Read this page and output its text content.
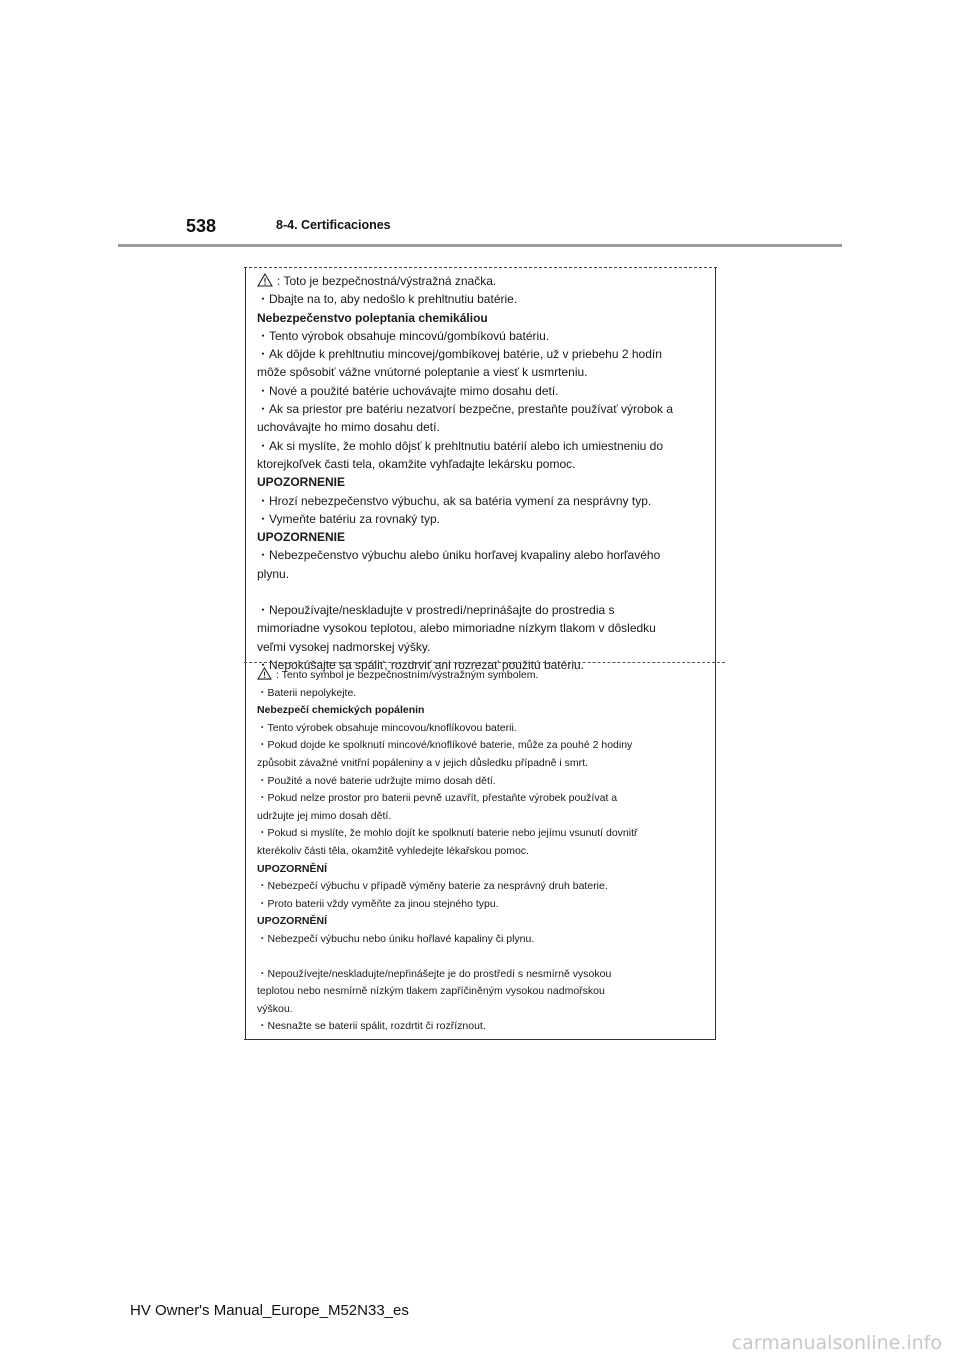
538	8-4. Certificaciones
: Toto je bezpečnostná/výstražná značka.
・Dbajte na to, aby nedošlo k prehltnutiu batérie.
Nebezpečenstvo poleptania chemikáliou
・Tento výrobok obsahuje mincovú/gombíkovú batériu.
・Ak dôjde k prehltnutiu mincovej/gombíkovej batérie, už v priebehu 2 hodín
môže spôsobiť vážne vnútorné poleptanie a viesť k usmrteniu.
・Nové a použité batérie uchovávajte mimo dosahu detí.
・Ak sa priestor pre batériu nezatvorí bezpečne, prestaňte používať výrobok a
uchovávajte ho mimo dosahu detí.
・Ak si myslíte, že mohlo dôjsť k prehltnutiu batérií alebo ich umiestneniu do
ktorejkoľvek časti tela, okamžite vyhľadajte lekársku pomoc.
UPOZORNENIE
・Hrozí nebezpečenstvo výbuchu, ak sa batéria vymení za nesprávny typ.
・Vymeňte batériu za rovnaký typ.
UPOZORNENIE
・Nebezpečenstvo výbuchu alebo úniku horľavej kvapaliny alebo horľavého
plynu.
・Nepoužívajte/neskladujte v prostredí/neprinášajte do prostredia s
mimoriadne vysokou teplotou, alebo mimoriadne nízkym tlakom v dôsledku
veľmi vysokej nadmorskej výšky.
・Nepokúšajte sa spáliť, rozdrviť ani rozrezať použitú batériu.
: Tento symbol je bezpečnostním/výstražným symbolem.
・Baterii nepolykejte.
Nebezpečí chemických popálenin
・Tento výrobek obsahuje mincovou/knoflíkovou baterii.
・Pokud dojde ke spolknutí mincové/knoflíkové baterie, může za pouhé 2 hodiny
způsobit závažné vnitřní popáleniny a v jejich důsledku případně i smrt.
・Použité a nové baterie udržujte mimo dosah dětí.
・Pokud nelze prostor pro baterii pevně uzavřít, přestaňte výrobek používat a
udržujte jej mimo dosah dětí.
・Pokud si myslíte, že mohlo dojít ke spolknutí baterie nebo jejímu vsunutí dovnitř
kterékoliv části těla, okamžitě vyhledejte lékařskou pomoc.
UPOZORNĚNÍ
・Nebezpečí výbuchu v případě výměny baterie za nesprávný druh baterie.
・Proto baterii vždy vyměňte za jinou stejného typu.
UPOZORNĚNÍ
・Nebezpečí výbuchu nebo úniku hořlavé kapaliny či plynu.
・Nepoužívejte/neskladujte/nepřinášejte je do prostředí s nesmírně vysokou
teplotou nebo nesmírně nízkým tlakem zapříčiněným vysokou nadmořskou
výškou.
・Nesnažte se baterii spálit, rozdrtit či rozříznout.
HV Owner's Manual_Europe_M52N33_es
carmanualsonline.info
